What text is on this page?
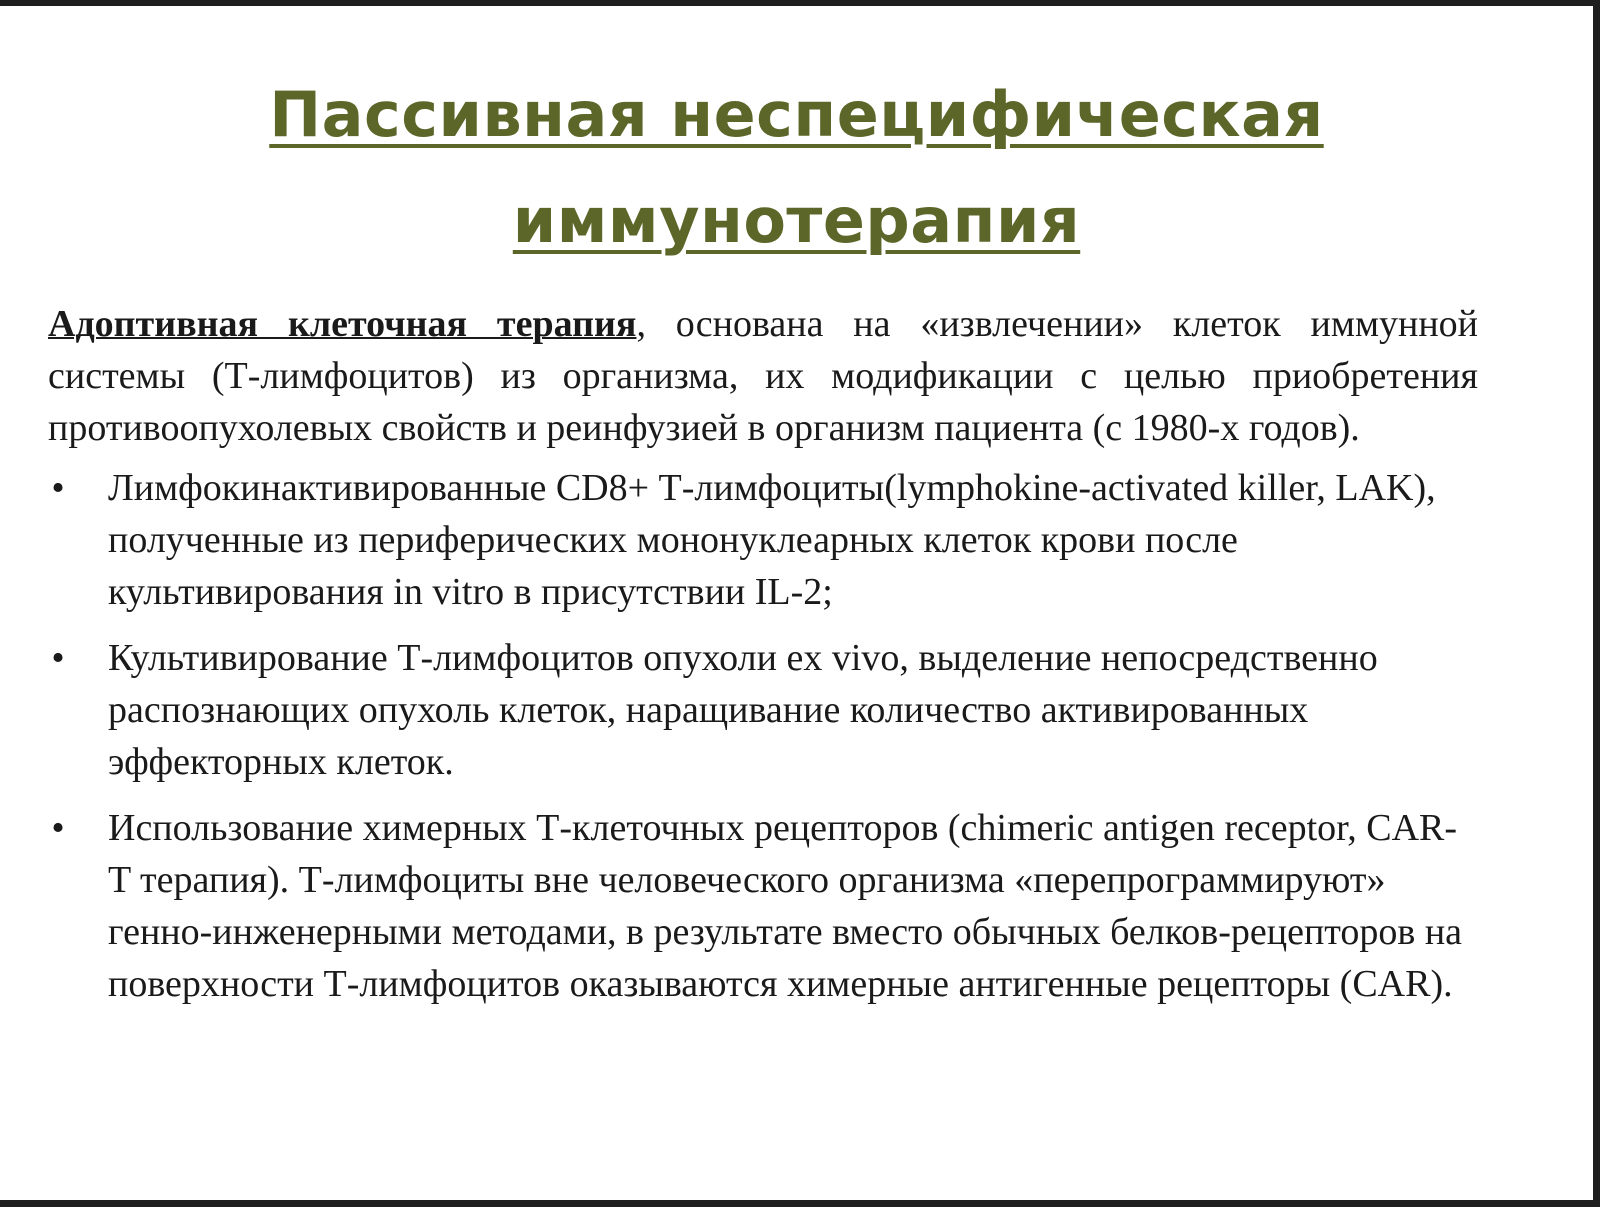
Пассивная неспецифическая
иммунотерапия

Адоптивная клеточная терапия, основана на «извлечении» клеток иммунной системы (Т-лимфоцитов) из организма, их модификации с целью приобретения противоопухолевых свойств и реинфузией в организм пациента (с 1980-х годов).

• Лимфокинактивированные CD8+ Т-лимфоциты(lymphokine-activated killer, LAK), полученные из периферических мононуклеарных клеток крови после культивирования in vitro в присутствии IL-2;
• Культивирование Т-лимфоцитов опухоли ex vivo, выделение непосредственно распознающих опухоль клеток, наращивание количество активированных эффекторных клеток.
• Использование химерных Т-клеточных рецепторов (chimeric antigen receptor, CAR-T терапия). Т-лимфоциты вне человеческого организма «перепрограммируют» генно-инженерными методами, в результате вместо обычных белков-рецепторов на поверхности Т-лимфоцитов оказываются химерные антигенные рецепторы (CAR).
